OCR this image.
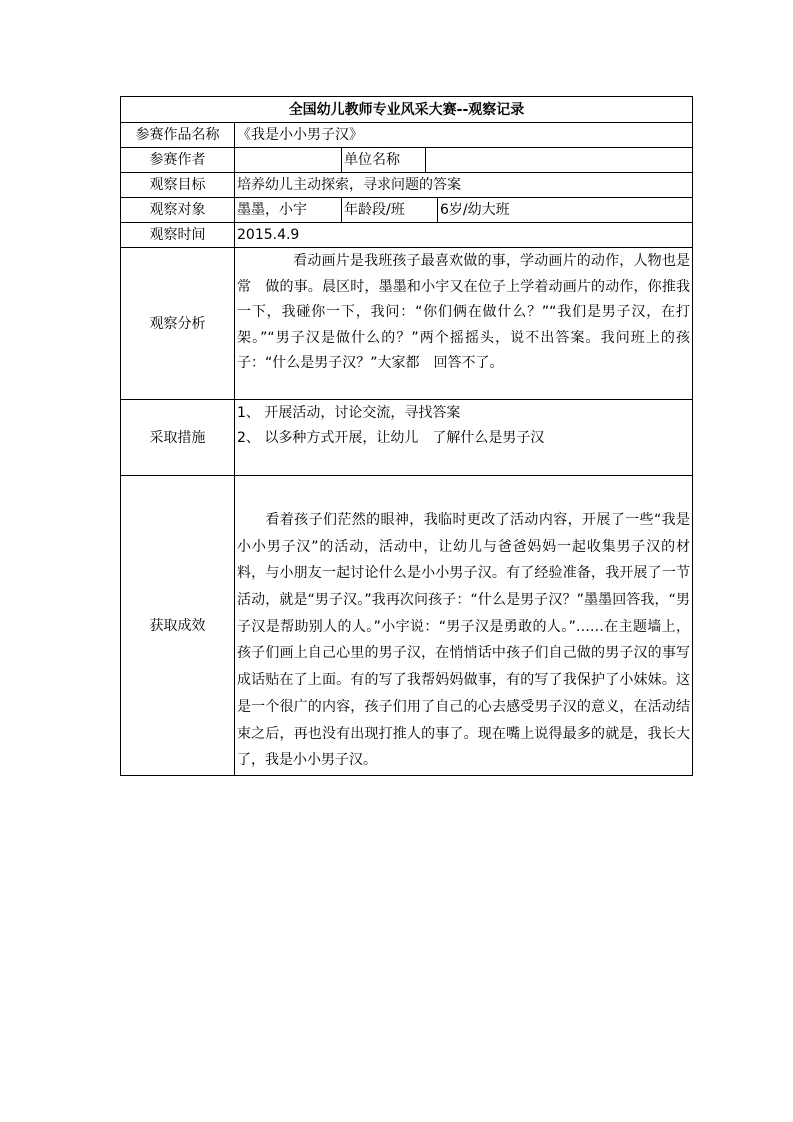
全国幼儿教师专业风采大赛--观察记录				
参赛作品名称	《我是小小男子汉》			
参赛作者		单位名称		
观察目标	培养幼儿主动探索，寻求问题的答案			
观察对象	墨墨，小宇	年龄段/班		6岁/幼大班
观察时间	2015.4.9			
观察分析	看动画片是我班孩子最喜欢做的事，学动画片的动作，人物也是常　做的事。晨区时，墨墨和小宇又在位子上学着动画片的动作，你推我一下，我碰你一下，我问：“你们俩在做什么？”“我们是男子汉，在打架。”“男子汉是做什么的？”两个摇摇头，说不出答案。我问班上的孩子：“什么是男子汉？”大家都　回答不了。			

采取措施	1、 开展活动，讨论交流，寻找答案
2、 以多种方式开展，让幼儿　了解什么是男子汉			

获取成效	看着孩子们茫然的眼神，我临时更改了活动内容，开展了一些“我是小小男子汉”的活动，活动中，让幼儿与爸爸妈妈一起收集男子汉的材料，与小朋友一起讨论什么是小小男子汉。有了经验准备，我开展了一节活动，就是“男子汉。”我再次问孩子：“什么是男子汉？”墨墨回答我，“男子汉是帮助别人的人。”小宇说：“男子汉是勇敢的人。”……在主题墙上，孩子们画上自己心里的男子汉，在悄悄话中孩子们自己做的男子汉的事写成话贴在了上面。有的写了我帮妈妈做事，有的写了我保护了小妹妹。这是一个很广的内容，孩子们用了自己的心去感受男子汉的意义，在活动结束之后，再也没有出现打推人的事了。现在嘴上说得最多的就是，我长大了，我是小小男子汉。			
